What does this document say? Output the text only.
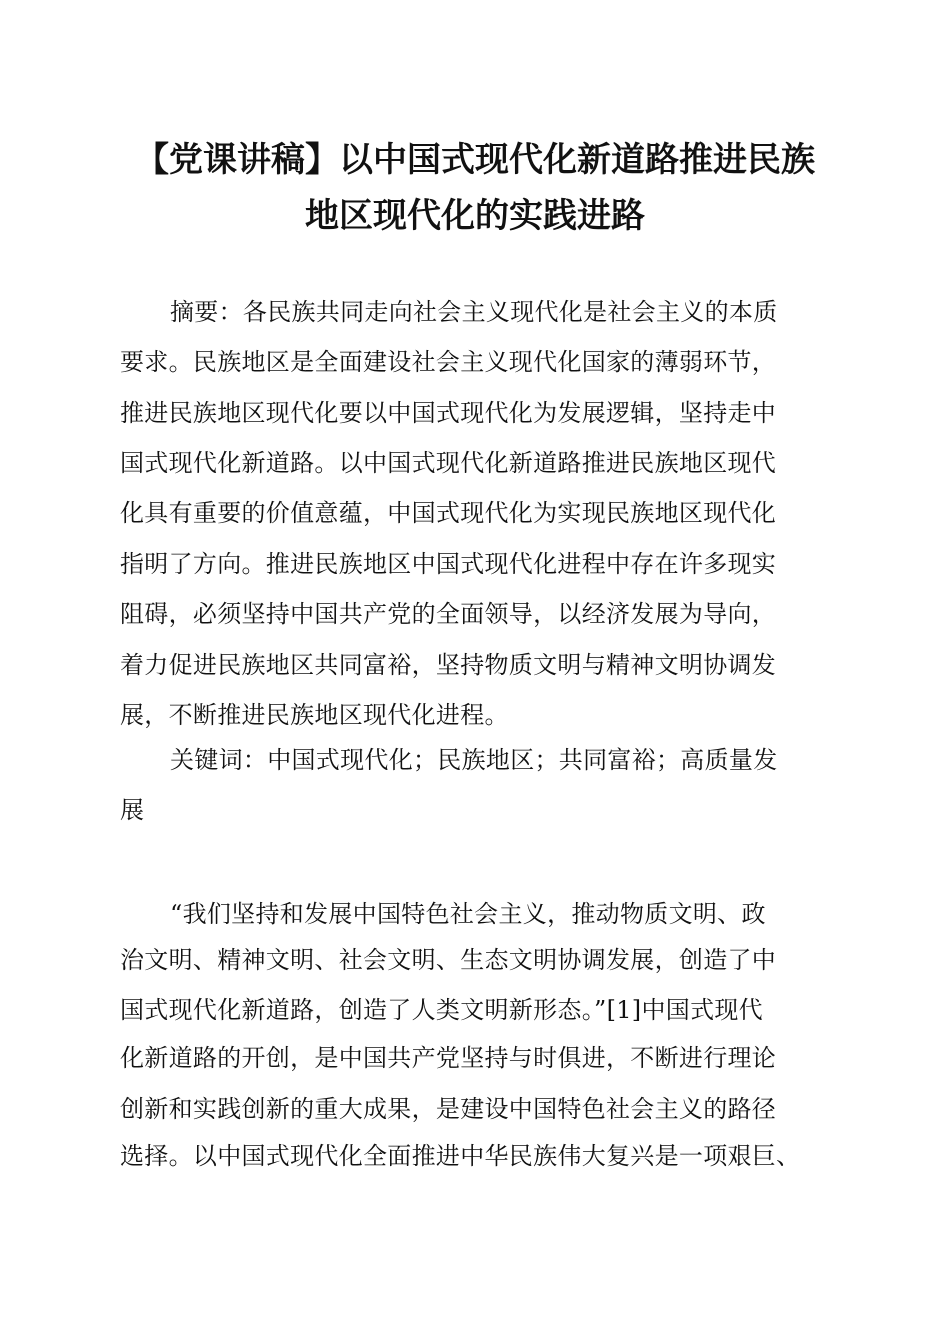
【党课讲稿】以中国式现代化新道路推进民族
地区现代化的实践进路
摘要：各民族共同走向社会主义现代化是社会主义的本质
要求。民族地区是全面建设社会主义现代化国家的薄弱环节，
推进民族地区现代化要以中国式现代化为发展逻辑，坚持走中
国式现代化新道路。以中国式现代化新道路推进民族地区现代
化具有重要的价值意蕴，中国式现代化为实现民族地区现代化
指明了方向。推进民族地区中国式现代化进程中存在许多现实
阻碍，必须坚持中国共产党的全面领导，以经济发展为导向，
着力促进民族地区共同富裕，坚持物质文明与精神文明协调发
展，不断推进民族地区现代化进程。
关键词：中国式现代化；民族地区；共同富裕；高质量发
展
“我们坚持和发展中国特色社会主义，推动物质文明、政
治文明、精神文明、社会文明、生态文明协调发展，创造了中
国式现代化新道路，创造了人类文明新形态。”[1]中国式现代
化新道路的开创，是中国共产党坚持与时俱进，不断进行理论
创新和实践创新的重大成果，是建设中国特色社会主义的路径
选择。以中国式现代化全面推进中华民族伟大复兴是一项艰巨、
